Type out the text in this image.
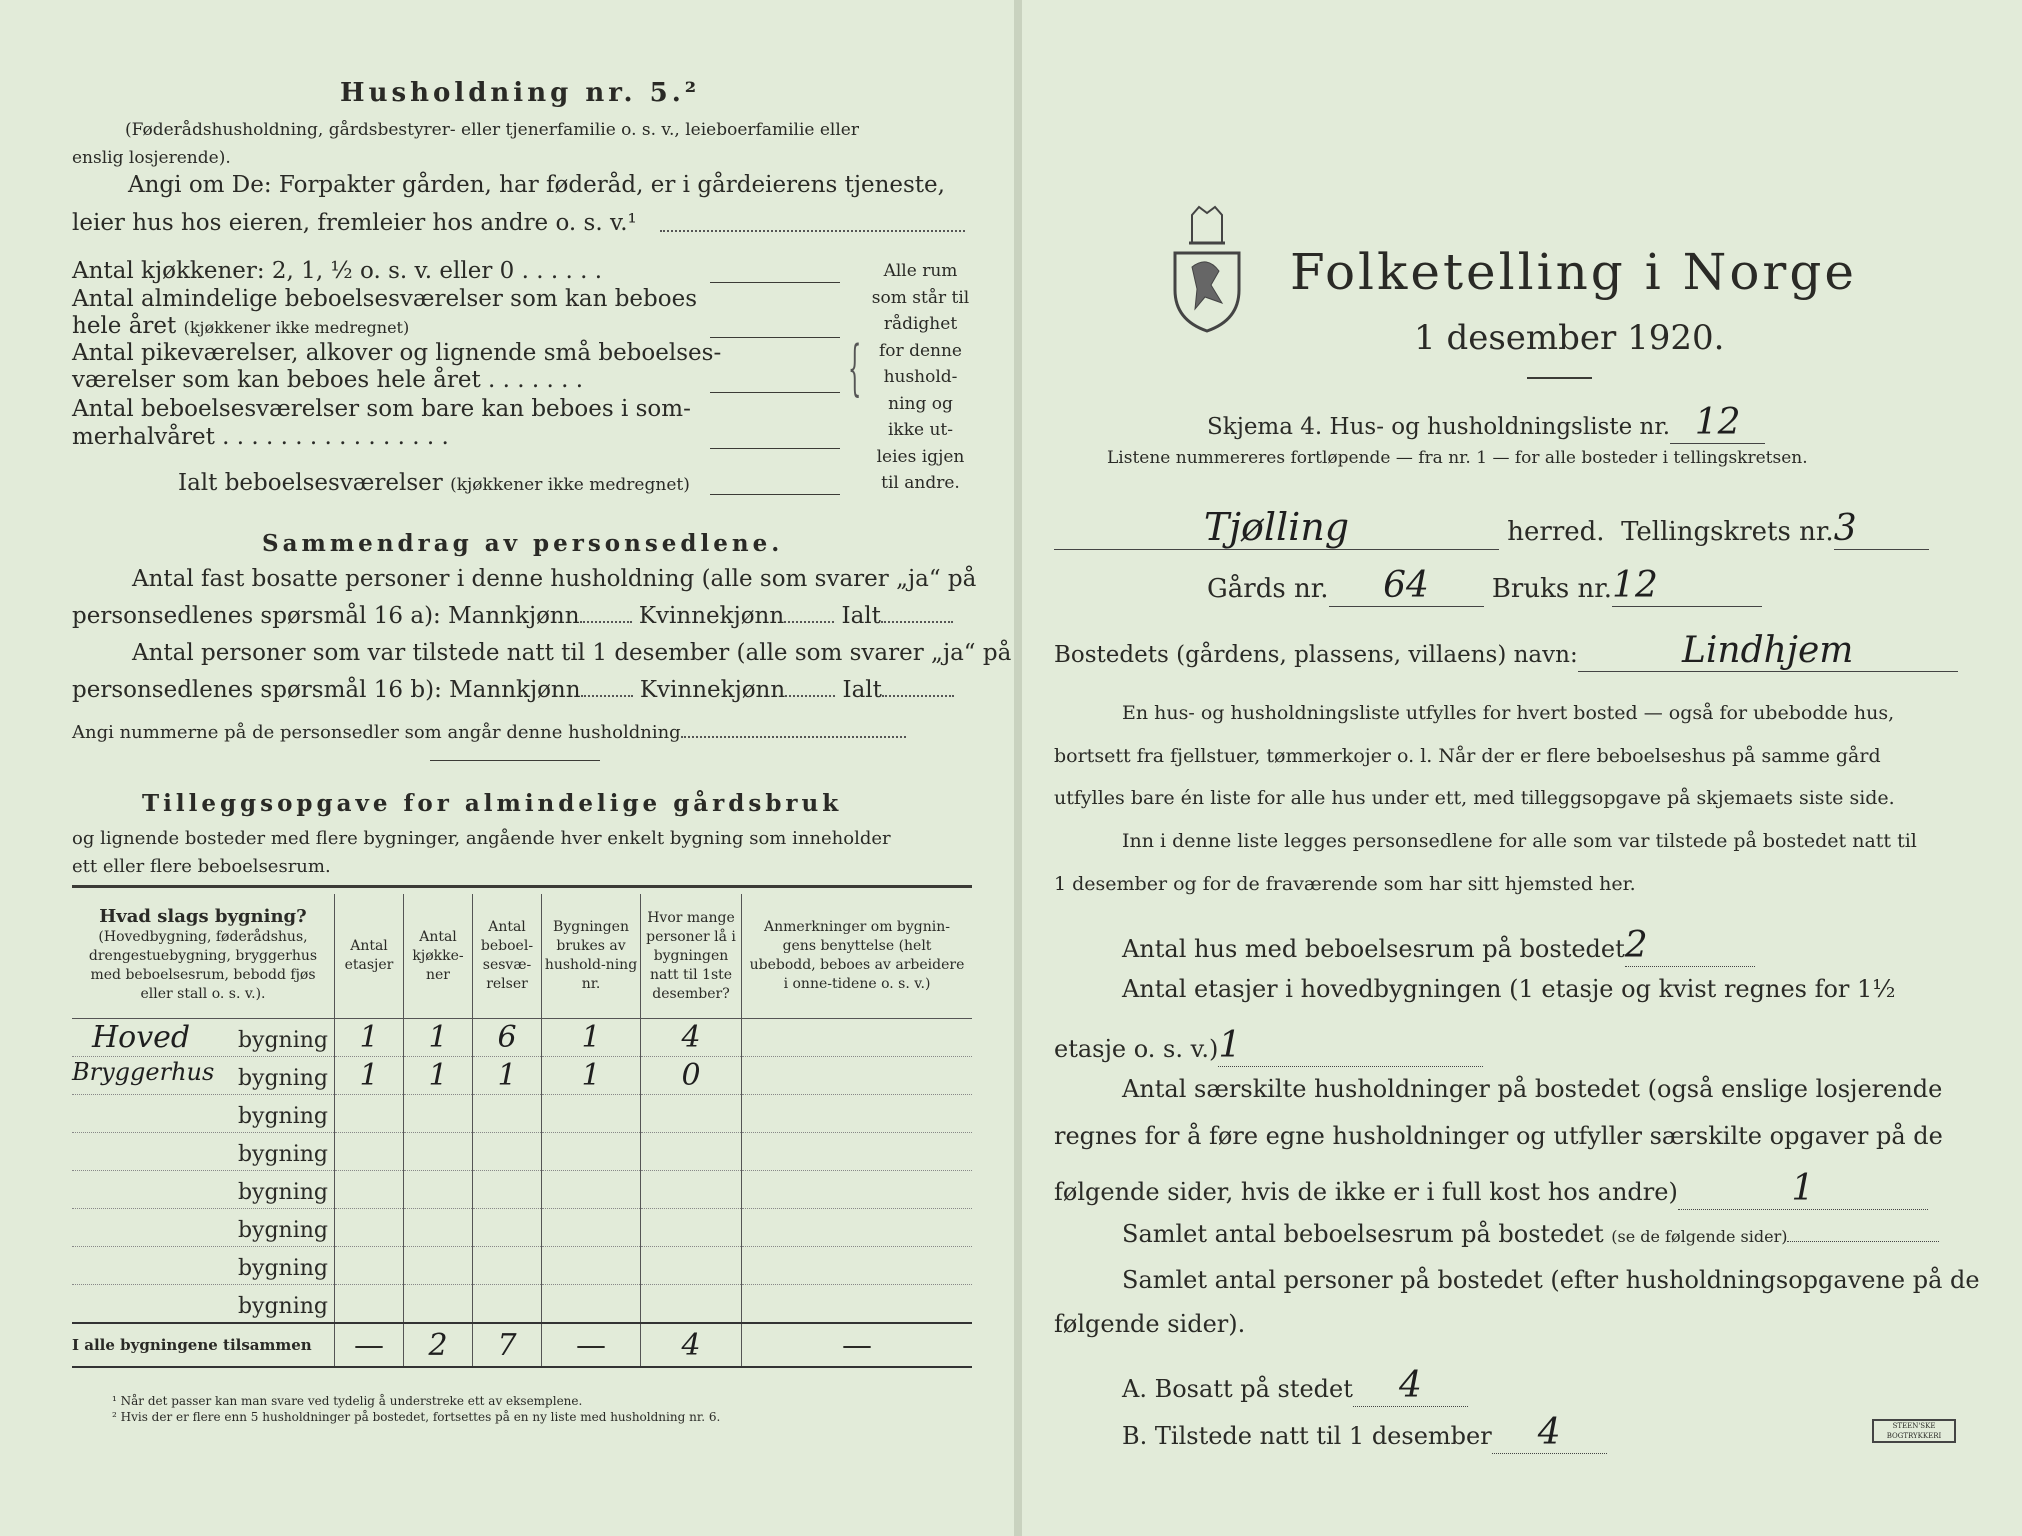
Husholdning nr. 5.²
(Føderådshusholdning, gårdsbestyrer- eller tjenerfamilie o. s. v., leieboerfamilie eller
enslig losjerende).
Angi om De: Forpakter gården, har føderåd, er i gårdeierens tjeneste,
leier hus hos eieren, fremleier hos andre o. s. v.¹
Antal kjøkkener: 2, 1, ½ o. s. v. eller 0 . . . . . .
Antal almindelige beboelsesværelser som kan beboes
hele året (kjøkkener ikke medregnet)
Antal pikeværelser, alkover og lignende små beboelses-
værelser som kan beboes hele året . . . . . . .
Antal beboelsesværelser som bare kan beboes i som-
merhalvåret . . . . . . . . . . . . . . . .
Ialt beboelsesværelser (kjøkkener ikke medregnet)
{
Alle rum
som står til
rådighet
for denne
hushold-
ning og
ikke ut-
leies igjen
til andre.
Sammendrag av personsedlene.
Antal fast bosatte personer i denne husholdning (alle som svarer „ja“ på
personsedlenes spørsmål 16 a): Mannkjønn	Kvinnekjønn Ialt
Antal personer som var tilstede natt til 1 desember (alle som svarer „ja“ på
personsedlenes spørsmål 16 b): Mannkjønn	Kvinnekjønn Ialt
Angi nummerne på de personsedler som angår denne husholdning
Tilleggsopgave for almindelige gårdsbruk
og lignende bosteder med flere bygninger, angående hver enkelt bygning som inneholder
ett eller flere beboelsesrum.
Hvad slags bygning?
(Hovedbygning, føderådshus, drengestuebygning, bryggerhus med beboelsesrum, bebodd fjøs eller stall o. s. v.).	Antal etasjer	Antal kjøkke-ner	Antal beboel-sesvæ-relser	Bygningen brukes av hushold-ning nr.	Hvor mange personer lå i bygningen natt til 1ste desember?	Anmerkninger om bygnin-gens benyttelse (helt ubebodd, beboes av arbeidere i onne-tidene o. s. v.)

Hoved bygning	1	1	6	1	4	

Bryggerhus bygning	1	1	1	1	0	
bygning						
bygning						
bygning						
bygning						
bygning						
bygning						
I alle bygningene tilsammen	—	2	7	—	4	—
¹ Når det passer kan man svare ved tydelig å understreke ett av eksemplene.
² Hvis der er flere enn 5 husholdninger på bostedet, fortsettes på en ny liste med husholdning nr. 6.
Folketelling i Norge
1 desember 1920.
Skjema 4. Hus- og husholdningsliste nr. 12
Listene nummereres fortløpende — fra nr. 1 — for alle bosteder i tellingskretsen.
Tjølling	herred. Tellingskrets nr.3
Gårds nr. 64 Bruks nr.12
Bostedets (gårdens, plassens, villaens) navn:	Lindhjem
En hus- og husholdningsliste utfylles for hvert bosted — også for ubebodde hus,
bortsett fra fjellstuer, tømmerkojer o. l. Når der er flere beboelseshus på samme gård
utfylles bare én liste for alle hus under ett, med tilleggsopgave på skjemaets siste side.
Inn i denne liste legges personsedlene for alle som var tilstede på bostedet natt til
1 desember og for de fraværende som har sitt hjemsted her.
Antal hus med beboelsesrum på bostedet2
Antal etasjer i hovedbygningen (1 etasje og kvist regnes for 1½
etasje o. s. v.)1
Antal særskilte husholdninger på bostedet (også enslige losjerende
regnes for å føre egne husholdninger og utfyller særskilte opgaver på de
følgende sider, hvis de ikke er i full kost hos andre)	1
Samlet antal beboelsesrum på bostedet (se de følgende sider)
Samlet antal personer på bostedet (efter husholdningsopgavene på de
følgende sider).
A. Bosatt på stedet 4
B. Tilstede natt til 1 desember 4	STEEN'SKE BOGTRYKKERI
